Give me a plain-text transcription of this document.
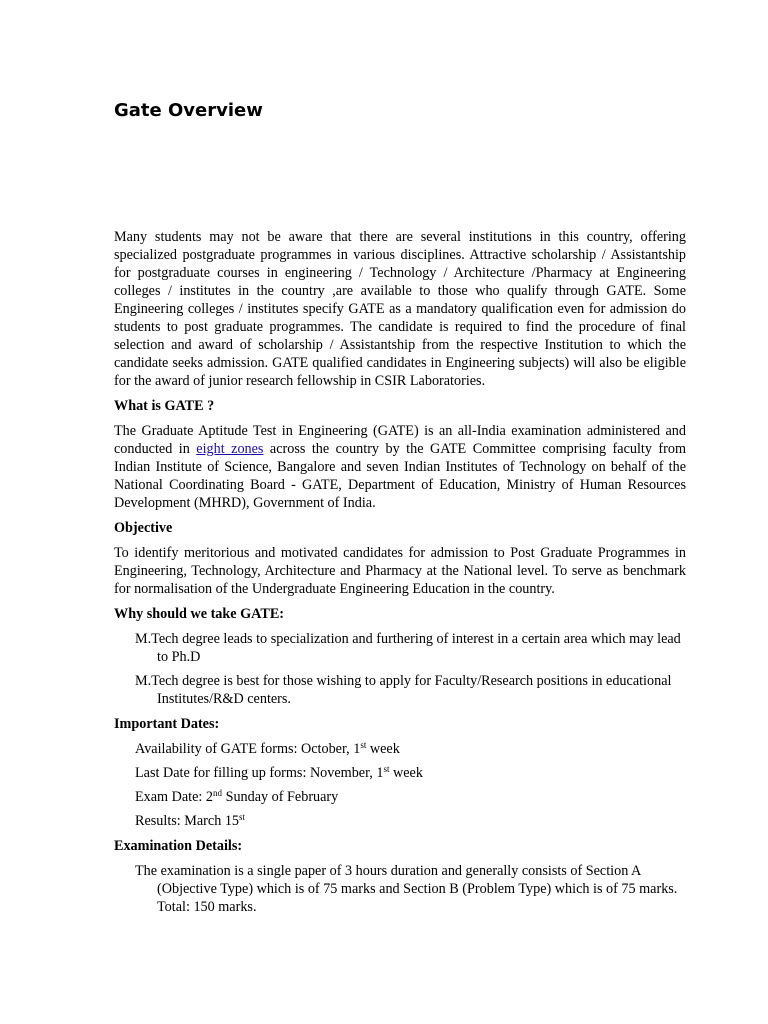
Gate Overview

Many students may not be aware that there are several institutions in this country, offering specialized postgraduate programmes in various disciplines. Attractive scholarship / Assistantship for postgraduate courses in engineering / Technology / Architecture /Pharmacy at Engineering colleges / institutes in the country ,are available to those who qualify through GATE. Some Engineering colleges / institutes specify GATE as a mandatory qualification even for admission do students to post graduate programmes. The candidate is required to find the procedure of final selection and award of scholarship / Assistantship from the respective Institution to which the candidate seeks admission. GATE qualified candidates in Engineering subjects) will also be eligible for the award of junior research fellowship in CSIR Laboratories.

What is GATE ?

The Graduate Aptitude Test in Engineering (GATE) is an all-India examination administered and conducted in eight zones across the country by the GATE Committee comprising faculty from Indian Institute of Science, Bangalore and seven Indian Institutes of Technology on behalf of the National Coordinating Board - GATE, Department of Education, Ministry of Human Resources Development (MHRD), Government of India.

Objective

To identify meritorious and motivated candidates for admission to Post Graduate Programmes in Engineering, Technology, Architecture and Pharmacy at the National level. To serve as benchmark for normalisation of the Undergraduate Engineering Education in the country.

Why should we take GATE:

M.Tech degree leads to specialization and furthering of interest in a certain area which may lead to Ph.D
M.Tech degree is best for those wishing to apply for Faculty/Research positions in educational Institutes/R&D centers.

Important Dates:

Availability of GATE forms: October, 1st week
Last Date for filling up forms: November, 1st week
Exam Date: 2nd Sunday of February
Results: March 15st

Examination Details:

The examination is a single paper of 3 hours duration and generally consists of Section A (Objective Type) which is of 75 marks and Section B (Problem Type) which is of 75 marks. Total: 150 marks.
